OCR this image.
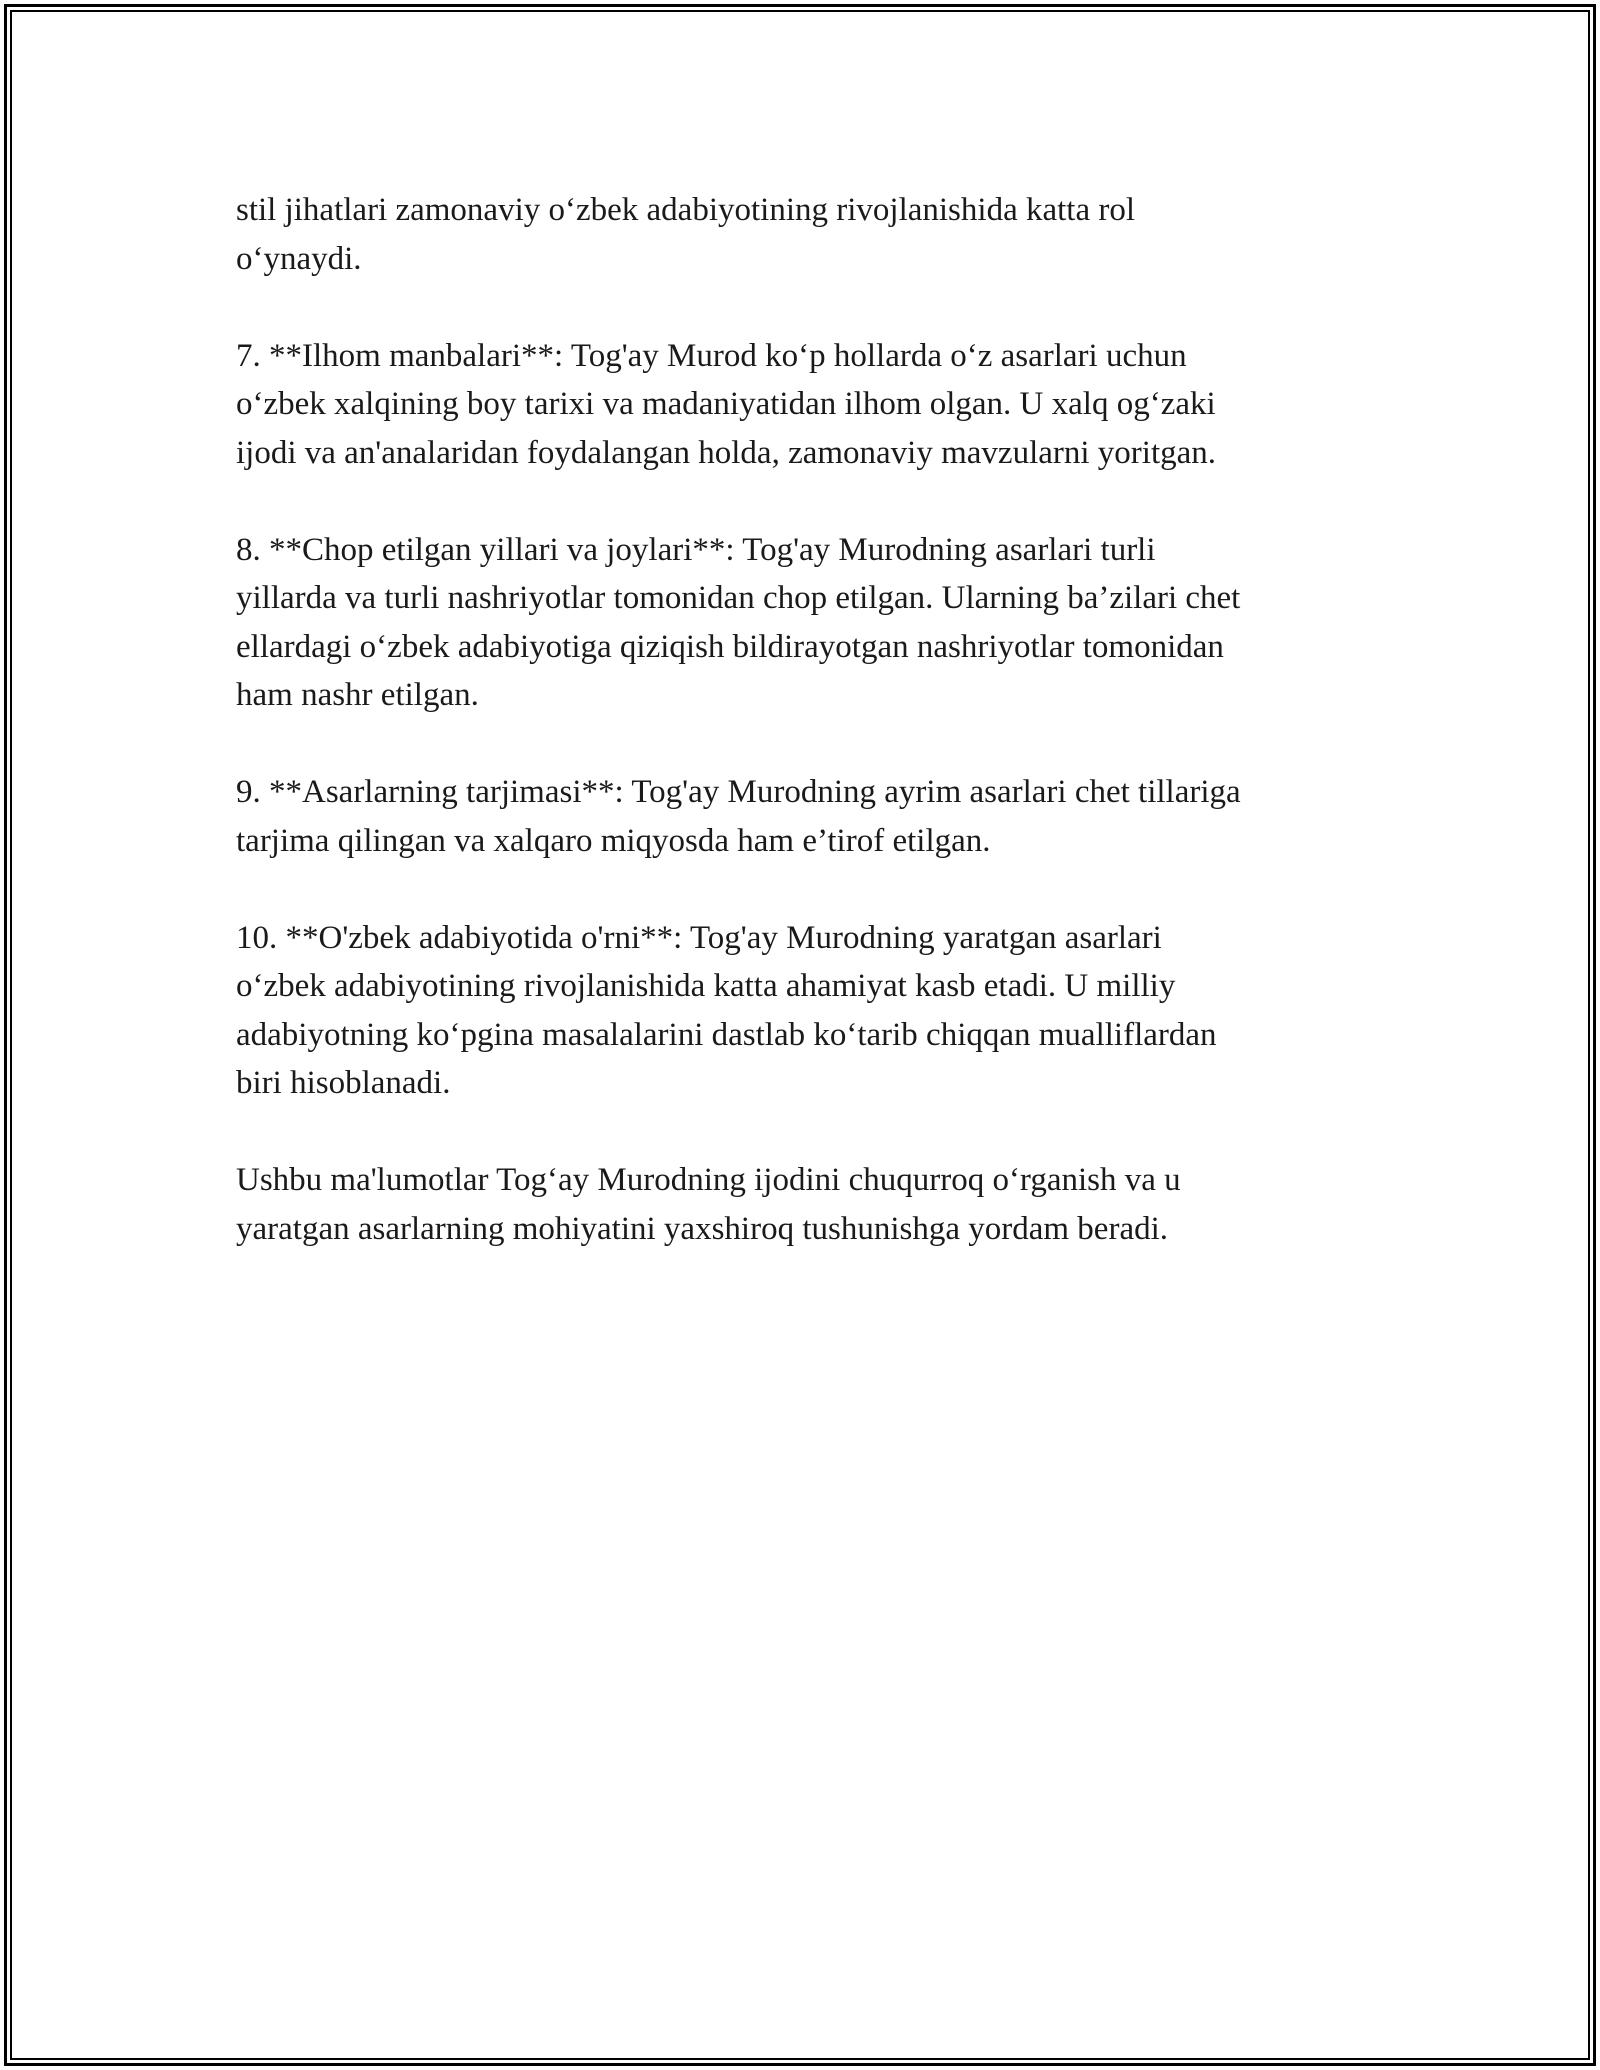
stil jihatlari zamonaviy o‘zbek adabiyotining rivojlanishida katta rol
o‘ynaydi.

7. **Ilhom manbalari**: Tog'ay Murod ko‘p hollarda o‘z asarlari uchun
o‘zbek xalqining boy tarixi va madaniyatidan ilhom olgan. U xalq og‘zaki
ijodi va an'analaridan foydalangan holda, zamonaviy mavzularni yoritgan.

8. **Chop etilgan yillari va joylari**: Tog'ay Murodning asarlari turli
yillarda va turli nashriyotlar tomonidan chop etilgan. Ularning ba’zilari chet
ellardagi o‘zbek adabiyotiga qiziqish bildirayotgan nashriyotlar tomonidan
ham nashr etilgan.

9. **Asarlarning tarjimasi**: Tog'ay Murodning ayrim asarlari chet tillariga
tarjima qilingan va xalqaro miqyosda ham e’tirof etilgan.

10. **O'zbek adabiyotida o'rni**: Tog'ay Murodning yaratgan asarlari
o‘zbek adabiyotining rivojlanishida katta ahamiyat kasb etadi. U milliy
adabiyotning ko‘pgina masalalarini dastlab ko‘tarib chiqqan mualliflardan
biri hisoblanadi.

Ushbu ma'lumotlar Tog‘ay Murodning ijodini chuqurroq o‘rganish va u
yaratgan asarlarning mohiyatini yaxshiroq tushunishga yordam beradi.
